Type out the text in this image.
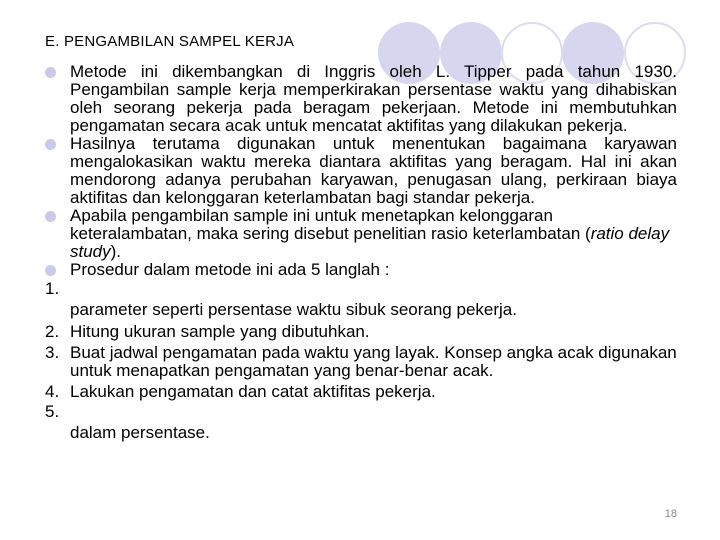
E. PENGAMBILAN SAMPEL KERJA
Metode ini dikembangkan di Inggris oleh L. Tipper pada tahun 1930. Pengambilan sample kerja memperkirakan persentase waktu yang dihabiskan oleh seorang pekerja pada beragam pekerjaan. Metode ini membutuhkan pengamatan secara acak untuk mencatat aktifitas yang dilakukan pekerja.
Hasilnya terutama digunakan untuk menentukan bagaimana karyawan mengalokasikan waktu mereka diantara aktifitas yang beragam. Hal ini akan mendorong adanya perubahan karyawan, penugasan ulang, perkiraan biaya aktifitas dan kelonggaran keterlambatan bagi standar pekerja.
Apabila pengambilan sample ini untuk menetapkan kelonggaran keteralambatan, maka sering disebut penelitian rasio keterlambatan (ratio delay study).
Prosedur dalam metode ini ada 5 langlah :
1.
parameter seperti persentase waktu sibuk seorang pekerja.
2. Hitung ukuran sample yang dibutuhkan.
3. Buat jadwal pengamatan pada waktu yang layak. Konsep angka acak digunakan untuk menapatkan pengamatan yang benar-benar acak.
4. Lakukan pengamatan dan catat aktifitas pekerja.
5.
dalam persentase.
18
